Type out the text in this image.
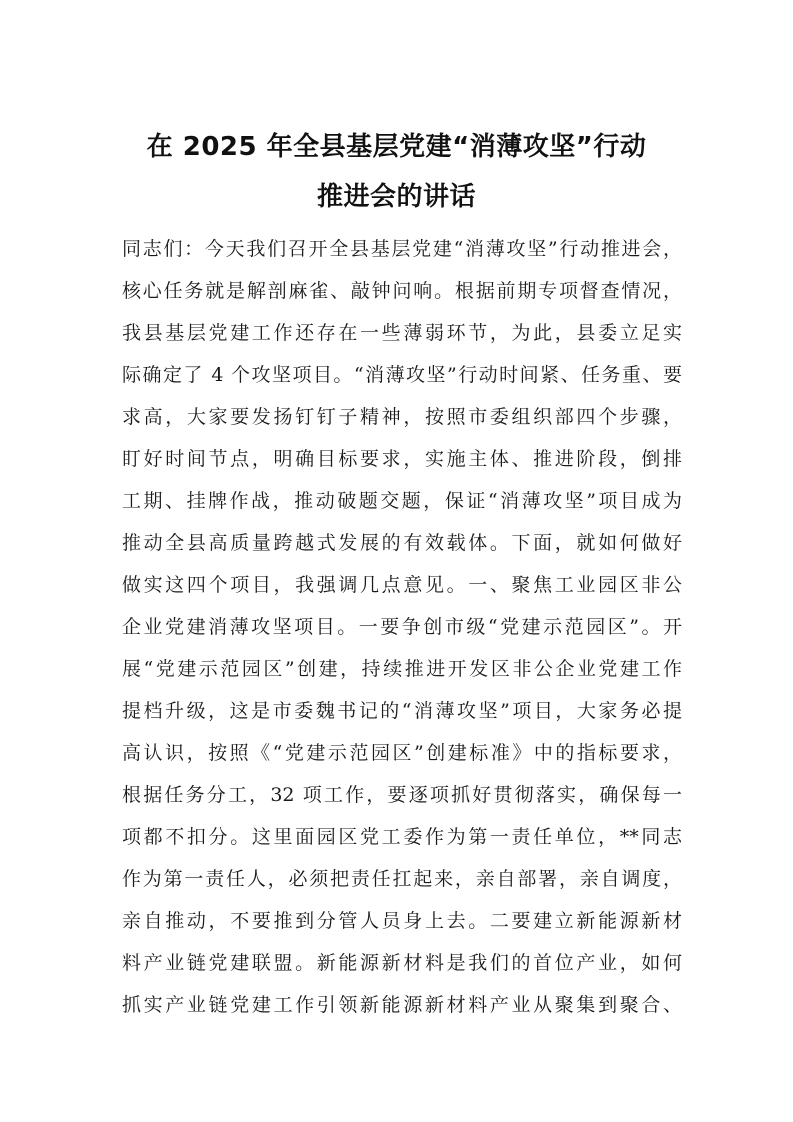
在 2025 年全县基层党建“消薄攻坚”行动
推进会的讲话
同志们：今天我们召开全县基层党建“消薄攻坚”行动推进会，
核心任务就是解剖麻雀、敲钟问响。根据前期专项督查情况，
我县基层党建工作还存在一些薄弱环节，为此，县委立足实
际确定了 4 个攻坚项目。“消薄攻坚”行动时间紧、任务重、要
求高，大家要发扬钉钉子精神，按照市委组织部四个步骤，
盯好时间节点，明确目标要求，实施主体、推进阶段，倒排
工期、挂牌作战，推动破题交题，保证“消薄攻坚”项目成为
推动全县高质量跨越式发展的有效载体。下面，就如何做好
做实这四个项目，我强调几点意见。一、聚焦工业园区非公
企业党建消薄攻坚项目。一要争创市级“党建示范园区”。开
展“党建示范园区”创建，持续推进开发区非公企业党建工作
提档升级，这是市委魏书记的“消薄攻坚”项目，大家务必提
高认识，按照《“党建示范园区”创建标准》中的指标要求，
根据任务分工，32 项工作，要逐项抓好贯彻落实，确保每一
项都不扣分。这里面园区党工委作为第一责任单位，**同志
作为第一责任人，必须把责任扛起来，亲自部署，亲自调度，
亲自推动，不要推到分管人员身上去。二要建立新能源新材
料产业链党建联盟。新能源新材料是我们的首位产业，如何
抓实产业链党建工作引领新能源新材料产业从聚集到聚合、
